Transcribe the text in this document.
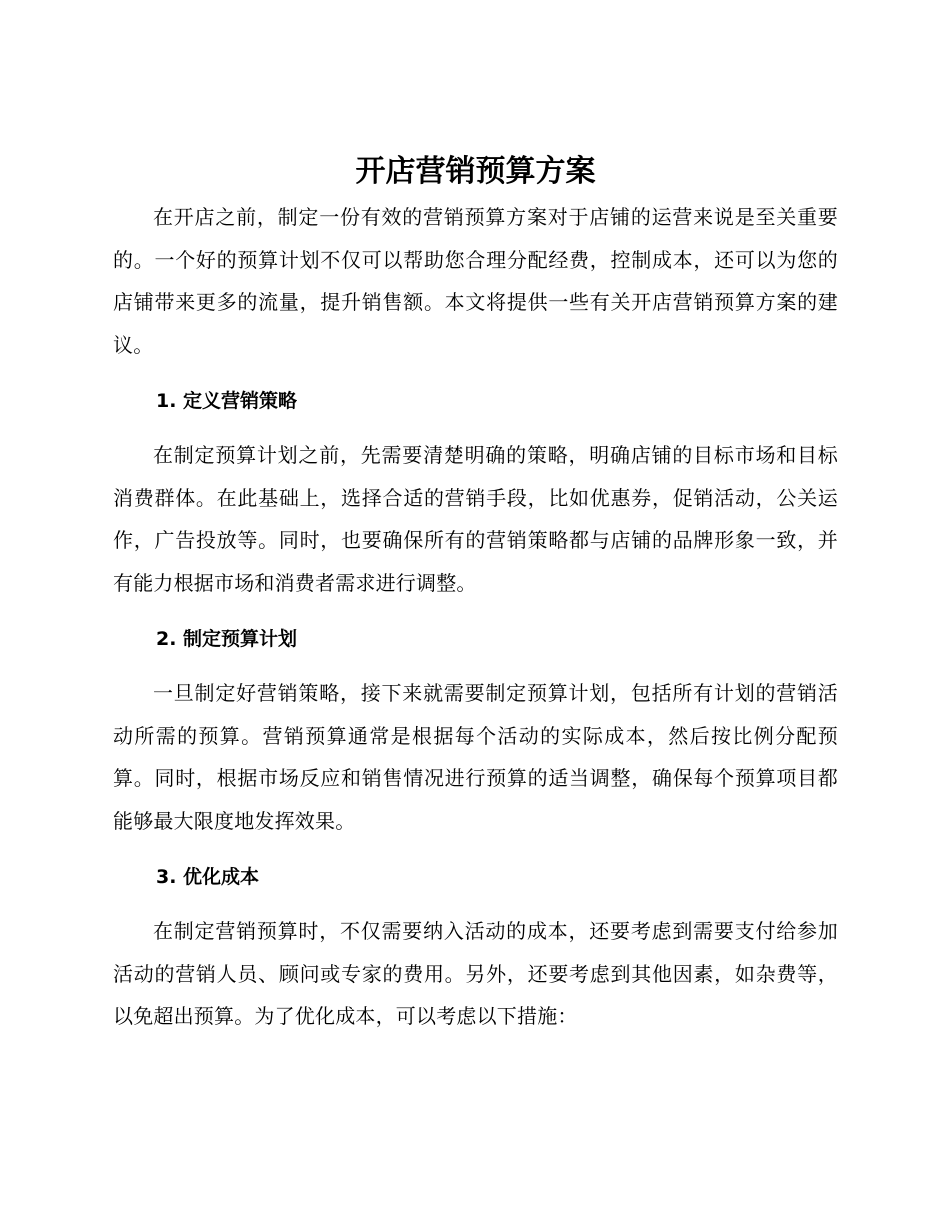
开店营销预算方案

在开店之前，制定一份有效的营销预算方案对于店铺的运营来说是至关重要的。一个好的预算计划不仅可以帮助您合理分配经费，控制成本，还可以为您的店铺带来更多的流量，提升销售额。本文将提供一些有关开店营销预算方案的建议。

1. 定义营销策略

在制定预算计划之前，先需要清楚明确的策略，明确店铺的目标市场和目标消费群体。在此基础上，选择合适的营销手段，比如优惠券，促销活动，公关运作，广告投放等。同时，也要确保所有的营销策略都与店铺的品牌形象一致，并有能力根据市场和消费者需求进行调整。

2. 制定预算计划

一旦制定好营销策略，接下来就需要制定预算计划，包括所有计划的营销活动所需的预算。营销预算通常是根据每个活动的实际成本，然后按比例分配预算。同时，根据市场反应和销售情况进行预算的适当调整，确保每个预算项目都能够最大限度地发挥效果。

3. 优化成本

在制定营销预算时，不仅需要纳入活动的成本，还要考虑到需要支付给参加活动的营销人员、顾问或专家的费用。另外，还要考虑到其他因素，如杂费等，以免超出预算。为了优化成本，可以考虑以下措施：
